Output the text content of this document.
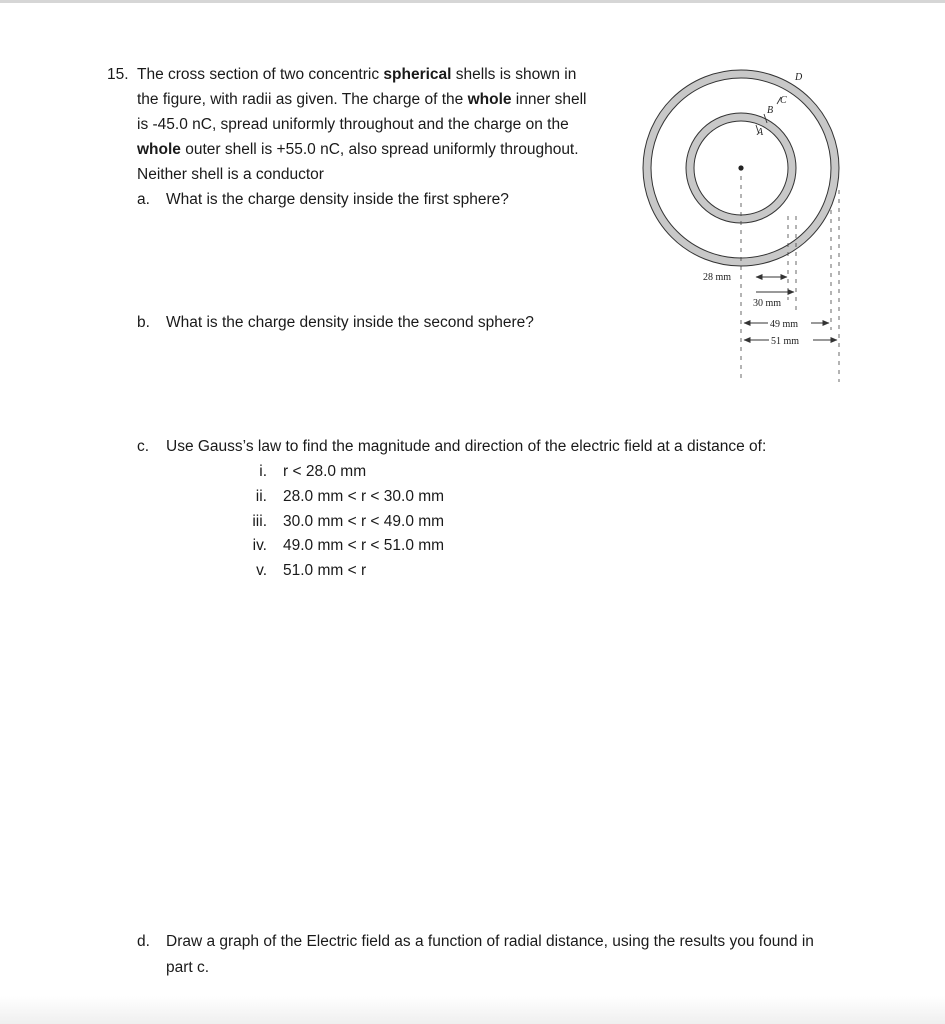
15. The cross section of two concentric spherical shells is shown in
the figure, with radii as given. The charge of the whole inner shell
is -45.0 nC, spread uniformly throughout and the charge on the
whole outer shell is +55.0 nC, also spread uniformly throughout.
Neither shell is a conductor
a. What is the charge density inside the first sphere?
b. What is the charge density inside the second sphere?
c. Use Gauss’s law to find the magnitude and direction of the electric field at a distance of:
i. r < 28.0 mm
ii. 28.0 mm < r < 30.0 mm
iii. 30.0 mm < r < 49.0 mm
iv. 49.0 mm < r < 51.0 mm
v. 51.0 mm < r
d. Draw a graph of the Electric field as a function of radial distance, using the results you found in
part c.
A
B
C
D
28 mm
30 mm
49 mm
51 mm
